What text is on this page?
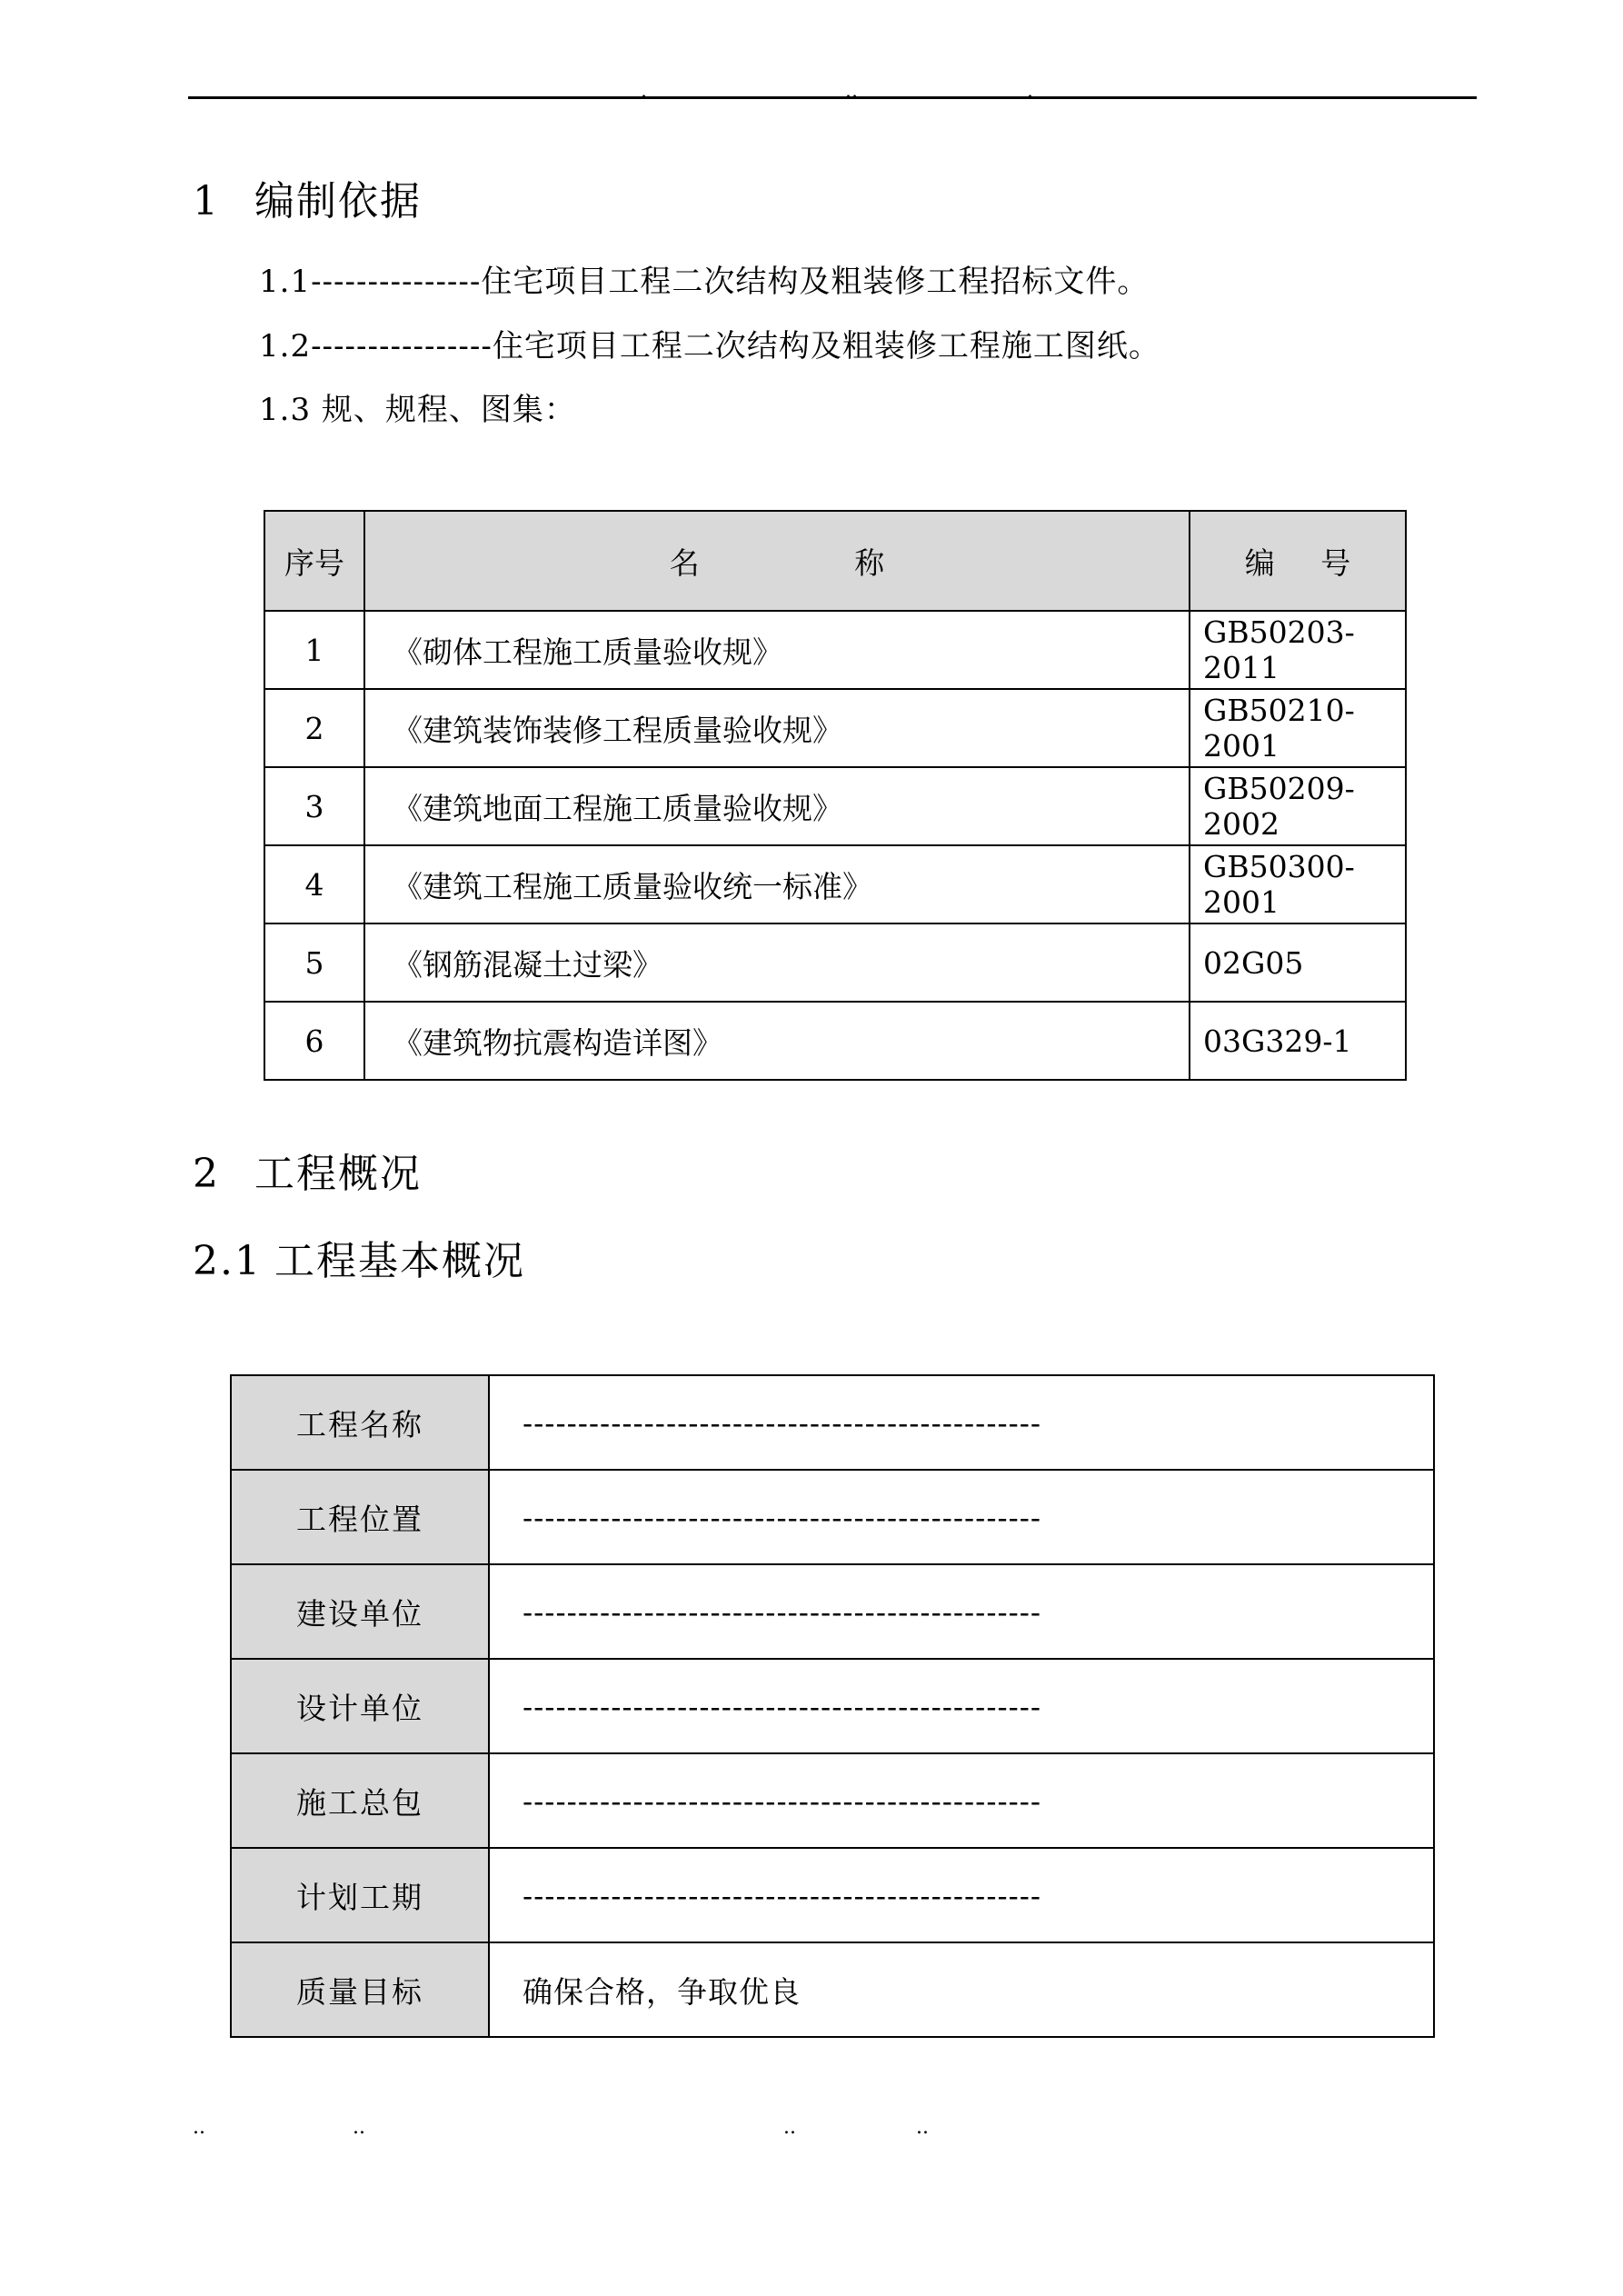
.	..	.
1 编制依据
1.1---------------住宅项目工程二次结构及粗装修工程招标文件。
1.2----------------住宅项目工程二次结构及粗装修工程施工图纸。
1.3 规、规程、图集：
序号	名 称	编 号
1	《砌体工程施工质量验收规》	GB50203-2011
2	《建筑装饰装修工程质量验收规》	GB50210-2001
3	《建筑地面工程施工质量验收规》	GB50209-2002
4	《建筑工程施工质量验收统一标准》	GB50300-2001
5	《钢筋混凝土过梁》	02G05
6	《建筑物抗震构造详图》	03G329-1
2 工程概况
2.1 工程基本概况
工程名称	-----------------------------------------------
工程位置	-----------------------------------------------
建设单位	-----------------------------------------------
设计单位	-----------------------------------------------
施工总包	-----------------------------------------------
计划工期	-----------------------------------------------
质量目标	确保合格，争取优良
..	..	..	..
